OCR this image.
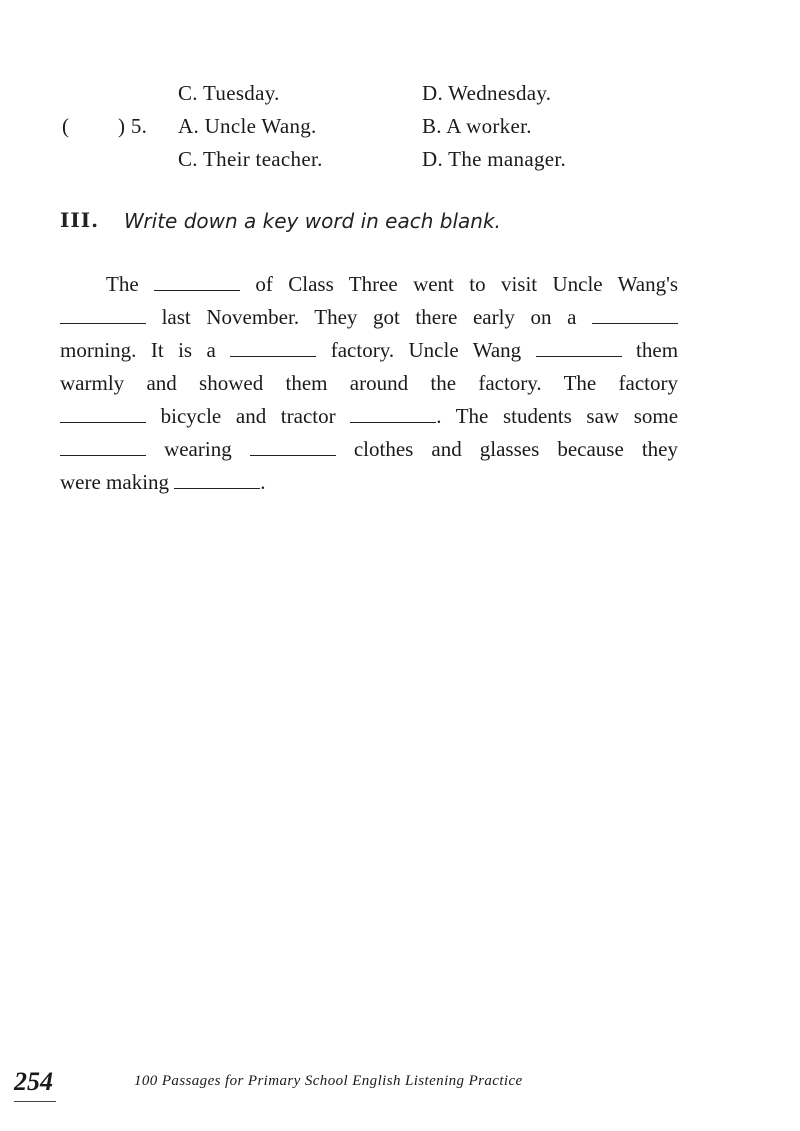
C. Tuesday.	D. Wednesday.
( ) 5. A. Uncle Wang.	B. A worker.
C. Their teacher.	D. The manager.
III. Write down a key word in each blank.
The	of Class Three went to visit Uncle Wang's
last November. They got there early on a
morning. It is a	factory. Uncle Wang	them
warmly and showed them around the factory. The factory
bicycle and tractor	. The students saw some
wearing	clothes and glasses because they
were making	.
254	100 Passages for Primary School English Listening Practice
